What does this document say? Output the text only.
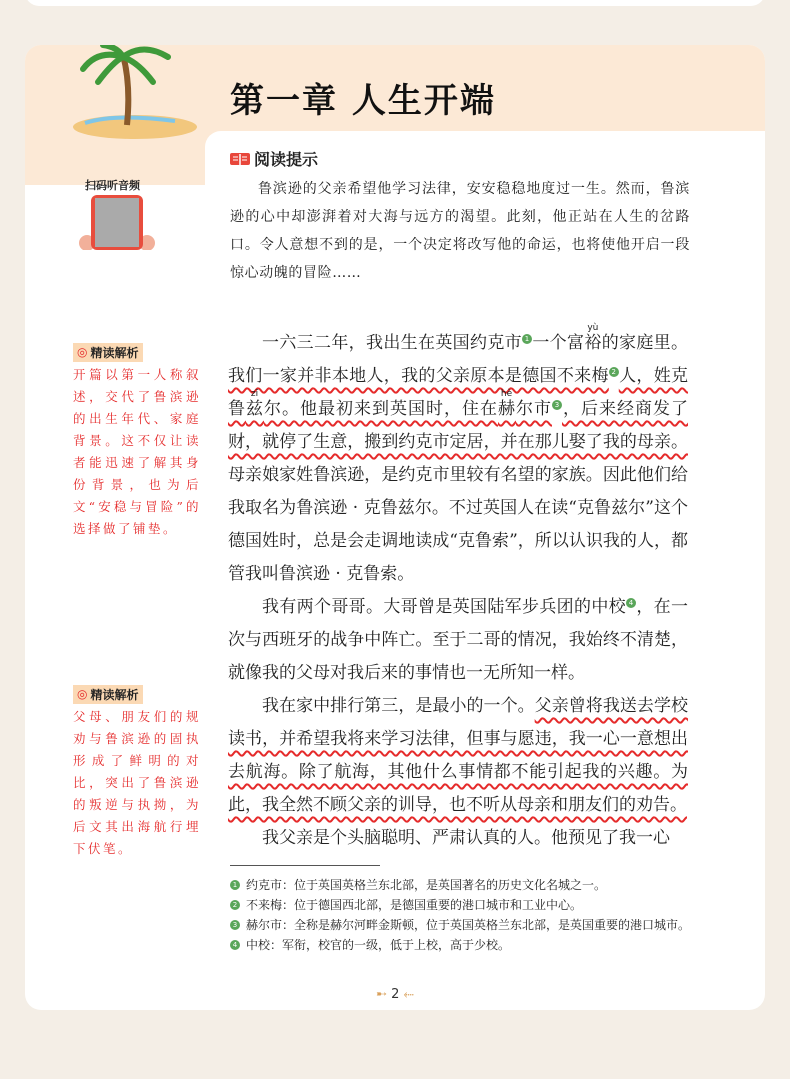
第一章 人生开端
阅读提示
鲁滨逊的父亲希望他学习法律，安安稳稳地度过一生。然而，鲁滨逊的心中却澎湃着对大海与远方的渴望。此刻，他正站在人生的岔路口。令人意想不到的是，一个决定将改写他的命运，也将使他开启一段惊心动魄的冒险……
扫码听音频
◎ 精读解析
开篇以第一人称叙述，交代了鲁滨逊的出生年代、家庭背景。这不仅让读者能迅速了解其身份背景，也为后文“安稳与冒险”的选择做了铺垫。
◎ 精读解析
父母、朋友们的规劝与鲁滨逊的固执形成了鲜明的对比，突出了鲁滨逊的叛逆与执拗，为后文其出海航行埋下伏笔。

一六三二年，我出生在英国约克市 1 一个富裕yù的家庭里。我们一家并非本地人，我的父亲原本是德国不来梅 2 人，姓克鲁兹zī尔。他最初来到英国时，住在赫hè尔市 3 ，后来经商发了财，就停了生意，搬到约克市定居，并在那儿娶了我的母亲。母亲娘家姓鲁滨逊，是约克市里较有名望的家族。因此他们给我取名为鲁滨逊 · 克鲁兹尔。不过英国人在读“克鲁兹尔”这个德国姓时，总是会走调地读成“克鲁索”，所以认识我的人，都管我叫鲁滨逊 · 克鲁索。

我有两个哥哥。大哥曾是英国陆军步兵团的中校 4 ，在一次与西班牙的战争中阵亡。至于二哥的情况，我始终不清楚，就像我的父母对我后来的事情也一无所知一样。

我在家中排行第三，是最小的一个。父亲曾将我送去学校读书，并希望我将来学习法律，但事与愿违，我一心一意想出去航海。除了航海，其他什么事情都不能引起我的兴趣。为此，我全然不顾父亲的训导，也不听从母亲和朋友们的劝告。

我父亲是个头脑聪明、严肃认真的人。他预见了我一心

1 约克市：位于英国英格兰东北部，是英国著名的历史文化名城之一。
2 不来梅：位于德国西北部，是德国重要的港口城市和工业中心。
3 赫尔市：全称是赫尔河畔金斯顿，位于英国英格兰东北部，是英国重要的港口城市。
4 中校：军衔，校官的一级，低于上校，高于少校。
➸ 2 ⬸
